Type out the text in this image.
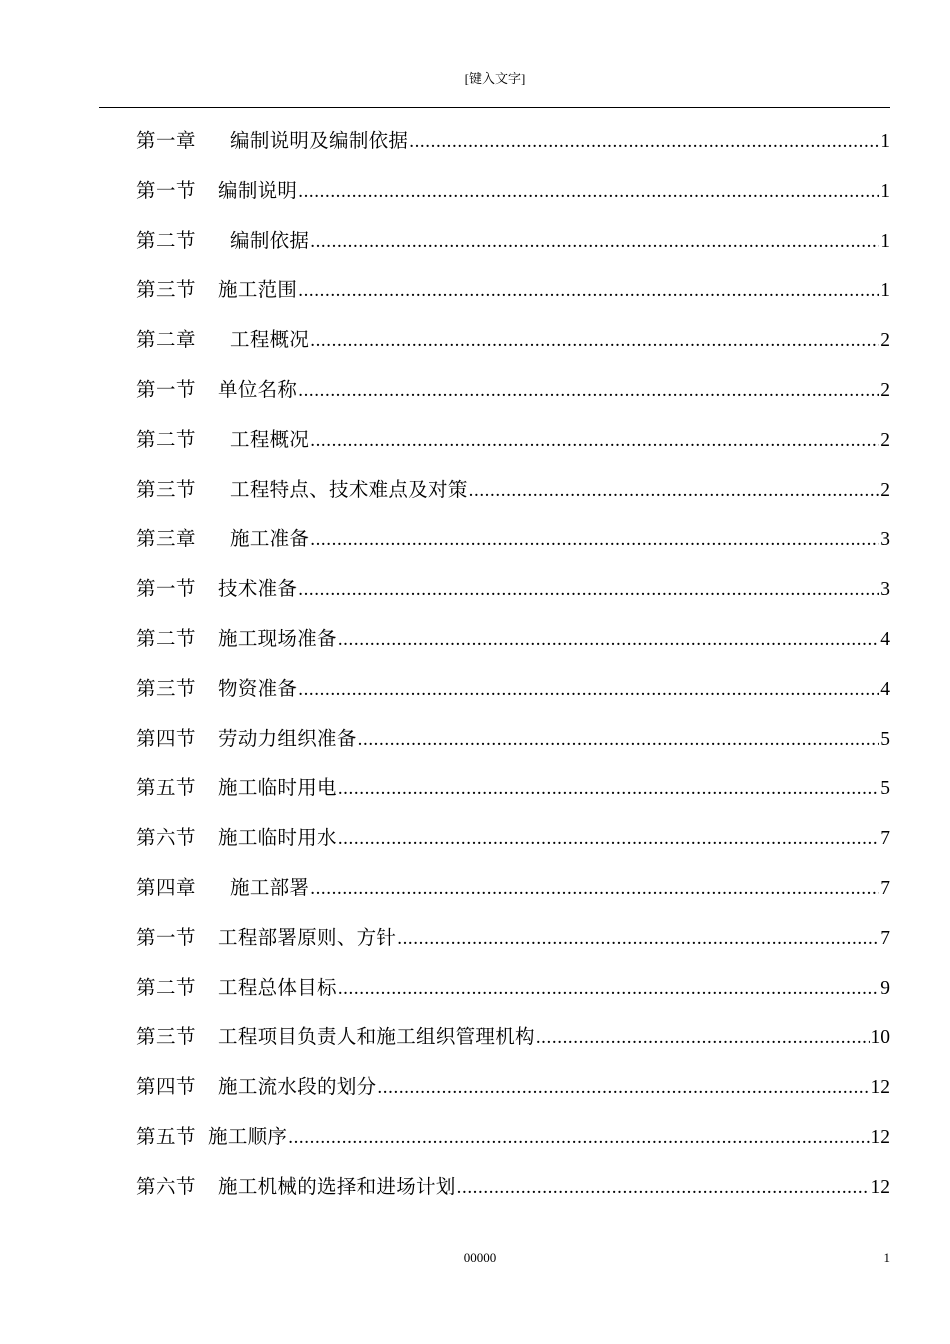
[键入文字]
第一章 编制说明及编制依据 .....	1
第一节 编制说明 .....	1
第二节 编制依据 .....	1
第三节 施工范围 .....	1
第二章 工程概况 .....	2
第一节 单位名称 .....	2
第二节 工程概况 .....	2
第三节 工程特点、技术难点及对策 .....	2
第三章 施工准备 .....	3
第一节 技术准备 .....	3
第二节 施工现场准备 .....	4
第三节 物资准备 .....	4
第四节 劳动力组织准备 .....	5
第五节 施工临时用电 .....	5
第六节 施工临时用水 .....	7
第四章 施工部署 .....	7
第一节 工程部署原则、方针 .....	7
第二节 工程总体目标 .....	9
第三节 工程项目负责人和施工组织管理机构 .....	10
第四节 施工流水段的划分 .....	12
第五节 施工顺序 .....	12
第六节 施工机械的选择和进场计划 .....	12
00000	1
